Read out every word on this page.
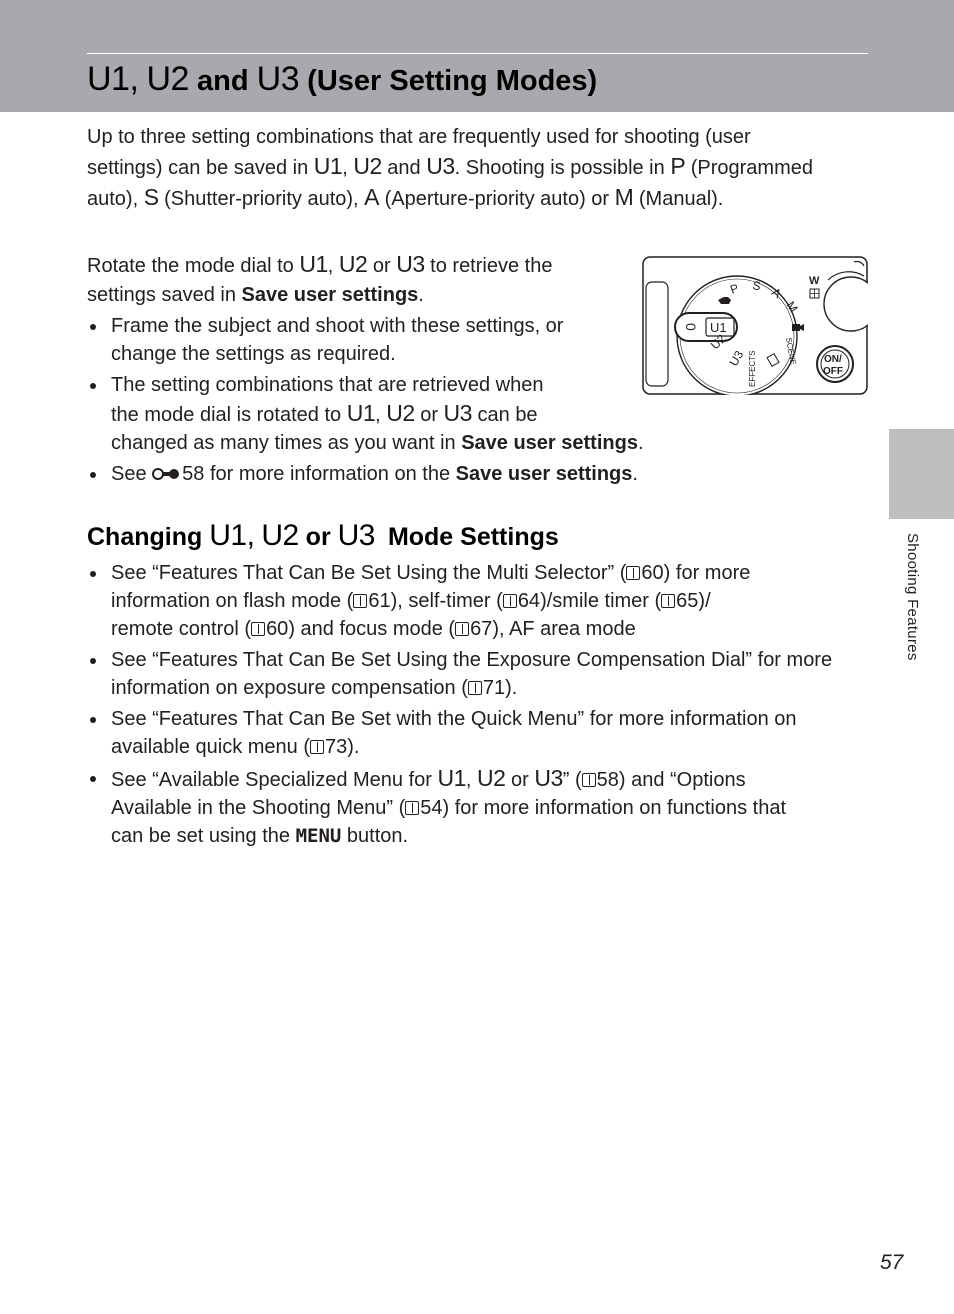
U1, U2 and U3 (User Setting Modes)

Up to three setting combinations that are frequently used for shooting (user
settings) can be saved in U1, U2 and U3. Shooting is possible in P (Programmed
auto), S (Shutter-priority auto), A (Aperture-priority auto) or M (Manual).

Rotate the mode dial to U1, U2 or U3 to retrieve the
settings saved in Save user settings.

Frame the subject and shoot with these settings, or
change the settings as required.
The setting combinations that are retrieved when
the mode dial is rotated to U1, U2 or U3 can be
changed as many times as you want in Save user settings.
See 58 for more information on the Save user settings.
Changing U1, U2 or U3 Mode Settings
See “Features That Can Be Set Using the Multi Selector” ( 60) for more
information on flash mode ( 61), self-timer ( 64)/smile timer ( 65)/
remote control ( 60) and focus mode ( 67), AF area mode
See “Features That Can Be Set Using the Exposure Compensation Dial” for more
information on exposure compensation ( 71).
See “Features That Can Be Set with the Quick Menu” for more information on
available quick menu ( 73).
See “Available Specialized Menu for U1, U2 or U3” ( 58) and “Options
Available in the Shooting Menu” ( 54) for more information on functions that
can be set using the MENU button.
U1
0
P S A
M
SCENE
EFFECTS
U3
U2
W
ON/
OFF
Shooting Features
57
